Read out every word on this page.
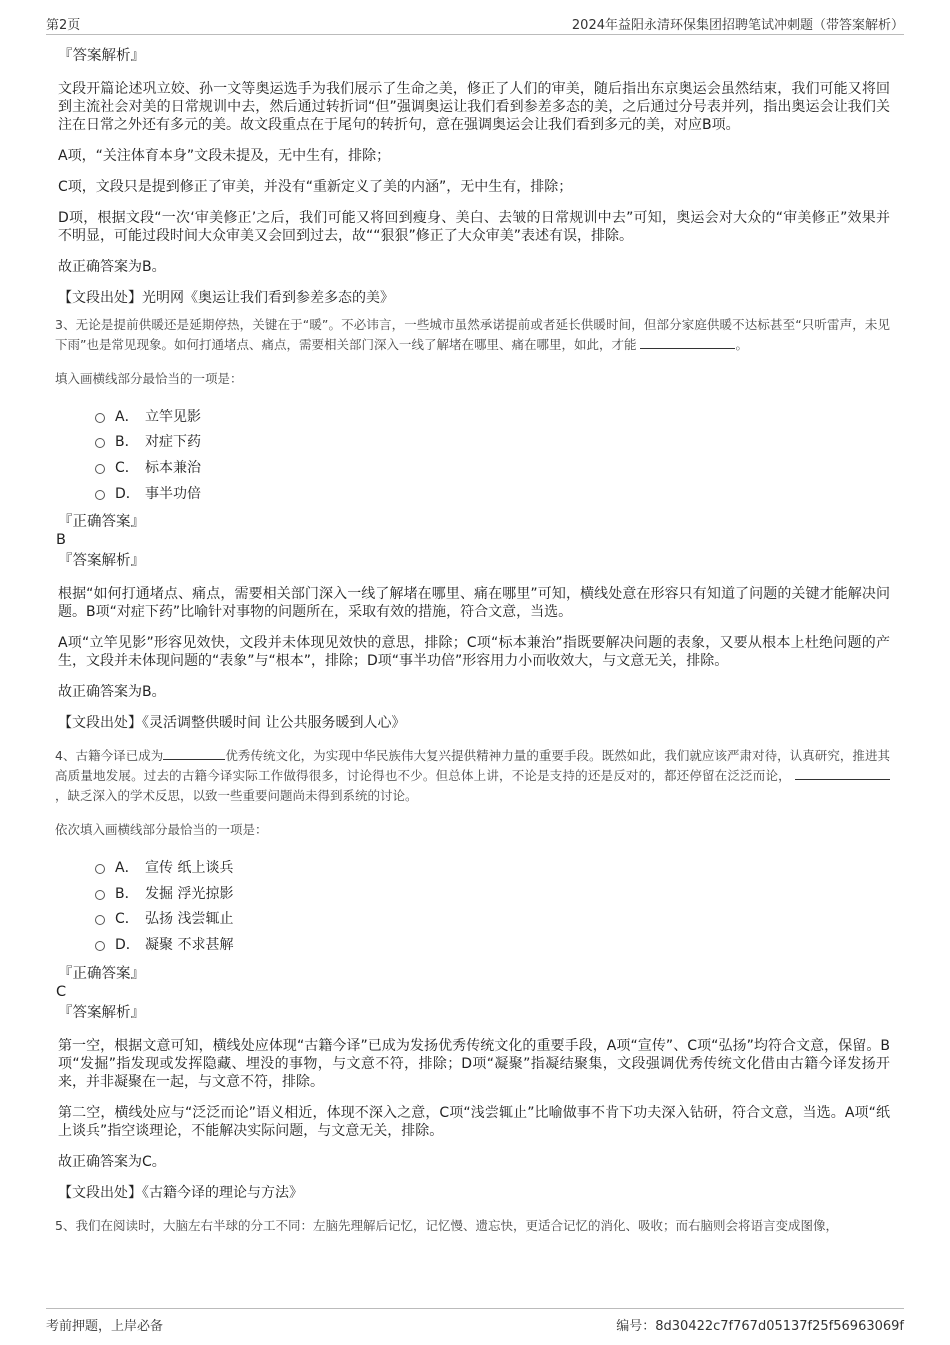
第2页	2024年益阳永清环保集团招聘笔试冲刺题（带答案解析）
『答案解析』

文段开篇论述巩立姣、孙一文等奥运选手为我们展示了生命之美，修正了人们的审美，随后指出东京奥运会虽然结束，我们可能又将回到主流社会对美的日常规训中去，然后通过转折词“但”强调奥运让我们看到参差多态的美，之后通过分号表并列，指出奥运会让我们关注在日常之外还有多元的美。故文段重点在于尾句的转折句，意在强调奥运会让我们看到多元的美，对应B项。

A项，“关注体育本身”文段未提及，无中生有，排除；

C项，文段只是提到修正了审美，并没有“重新定义了美的内涵”，无中生有，排除；

D项，根据文段“一次‘审美修正’之后，我们可能又将回到瘦身、美白、去皱的日常规训中去”可知，奥运会对大众的“审美修正”效果并不明显，可能过段时间大众审美又会回到过去，故““狠狠”修正了大众审美”表述有误，排除。

故正确答案为B。

【文段出处】光明网《奥运让我们看到参差多态的美》
3、无论是提前供暖还是延期停热，关键在于“暖”。不必讳言，一些城市虽然承诺提前或者延长供暖时间，但部分家庭供暖不达标甚至“只听雷声，未见下雨”也是常见现象。如何打通堵点、痛点，需要相关部门深入一线了解堵在哪里、痛在哪里，如此，才能	。
填入画横线部分最恰当的一项是：
A． 立竿见影
B． 对症下药
C． 标本兼治
D． 事半功倍
『正确答案』
B
『答案解析』

根据“如何打通堵点、痛点，需要相关部门深入一线了解堵在哪里、痛在哪里”可知，横线处意在形容只有知道了问题的关键才能解决问题。B项“对症下药”比喻针对事物的问题所在，采取有效的措施，符合文意，当选。

A项“立竿见影”形容见效快，文段并未体现见效快的意思，排除；C项“标本兼治”指既要解决问题的表象，又要从根本上杜绝问题的产生，文段并未体现问题的“表象”与“根本”，排除；D项“事半功倍”形容用力小而收效大，与文意无关，排除。

故正确答案为B。

【文段出处】《灵活调整供暖时间 让公共服务暖到人心》
4、古籍今译已成为	优秀传统文化，为实现中华民族伟大复兴提供精神力量的重要手段。既然如此，我们就应该严肃对待，认真研究，推进其高质量地发展。过去的古籍今译实际工作做得很多，讨论得也不少。但总体上讲，不论是支持的还是反对的，都还停留在泛泛而论， ，缺乏深入的学术反思，以致一些重要问题尚未得到系统的讨论。
依次填入画横线部分最恰当的一项是：
A． 宣传 纸上谈兵
B． 发掘 浮光掠影
C． 弘扬 浅尝辄止
D． 凝聚 不求甚解
『正确答案』
C
『答案解析』

第一空，根据文意可知，横线处应体现“古籍今译”已成为发扬优秀传统文化的重要手段，A项“宣传”、C项“弘扬”均符合文意，保留。B项“发掘”指发现或发挥隐藏、埋没的事物，与文意不符，排除；D项“凝聚”指凝结聚集，文段强调优秀传统文化借由古籍今译发扬开来，并非凝聚在一起，与文意不符，排除。

第二空，横线处应与“泛泛而论”语义相近，体现不深入之意，C项“浅尝辄止”比喻做事不肯下功夫深入钻研，符合文意，当选。A项“纸上谈兵”指空谈理论，不能解决实际问题，与文意无关，排除。

故正确答案为C。

【文段出处】《古籍今译的理论与方法》
5、我们在阅读时，大脑左右半球的分工不同：左脑先理解后记忆，记忆慢、遗忘快，更适合记忆的消化、吸收；而右脑则会将语言变成图像，
考前押题，上岸必备	编号：8d30422c7f767d05137f25f56963069f
